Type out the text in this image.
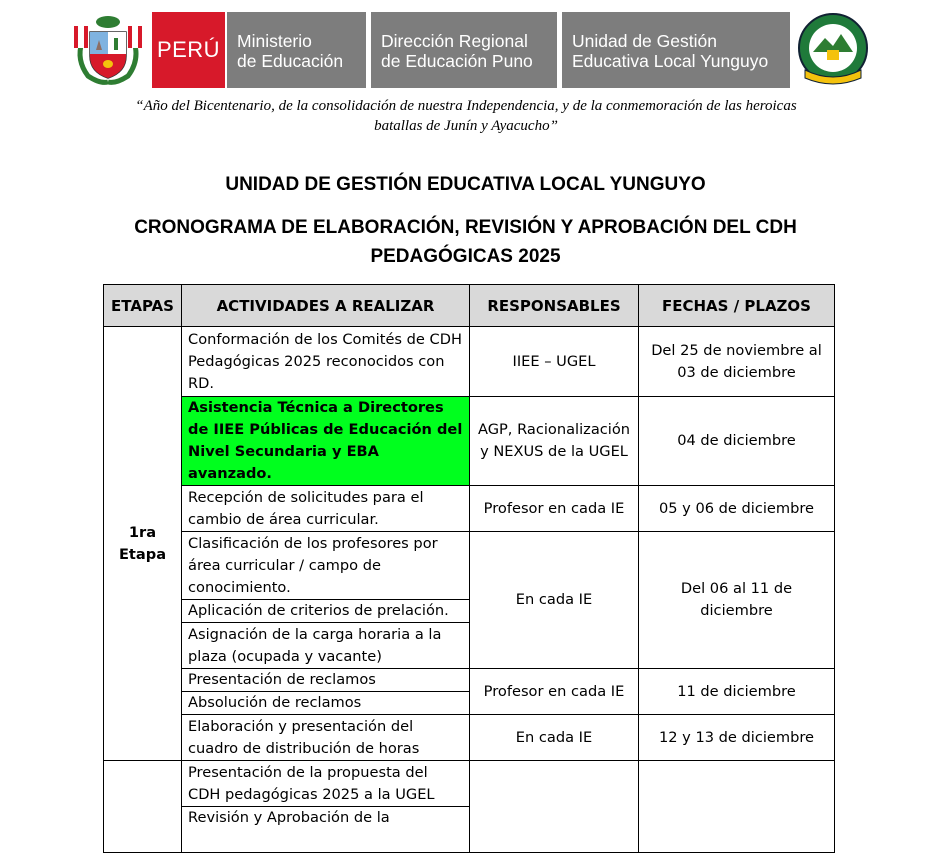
PERÚ Ministerio
de Educación
Dirección Regional
de Educación Puno
Unidad de Gestión
Educativa Local Yunguyo
“Año del Bicentenario, de la consolidación de nuestra Independencia, y de la conmemoración de las heroicas
batallas de Junín y Ayacucho”
UNIDAD DE GESTIÓN EDUCATIVA LOCAL YUNGUYO
CRONOGRAMA DE ELABORACIÓN, REVISIÓN Y APROBACIÓN DEL CDH
PEDAGÓGICAS 2025
ETAPAS	ACTIVIDADES A REALIZAR	RESPONSABLES	FECHAS / PLAZOS
1ra Etapa	Conformación de los Comités de CDH Pedagógicas 2025 reconocidos con RD.	IIEE – UGEL	Del 25 de noviembre al 03 de diciembre
	Asistencia Técnica a Directores de IIEE Públicas de Educación del Nivel Secundaria y EBA avanzado.	AGP, Racionalización y NEXUS de la UGEL	04 de diciembre
	Recepción de solicitudes para el cambio de área curricular.	Profesor en cada IE	05 y 06 de diciembre
	Clasificación de los profesores por área curricular / campo de conocimiento.	En cada IE	Del 06 al 11 de diciembre
	Aplicación de criterios de prelación.		
	Asignación de la carga horaria a la plaza (ocupada y vacante)		
	Presentación de reclamos	Profesor en cada IE	11 de diciembre
	Absolución de reclamos		
	Elaboración y presentación del cuadro de distribución de horas	En cada IE	12 y 13 de diciembre
	Presentación de la propuesta del CDH pedagógicas 2025 a la UGEL		
	Revisión y Aprobación de la		
